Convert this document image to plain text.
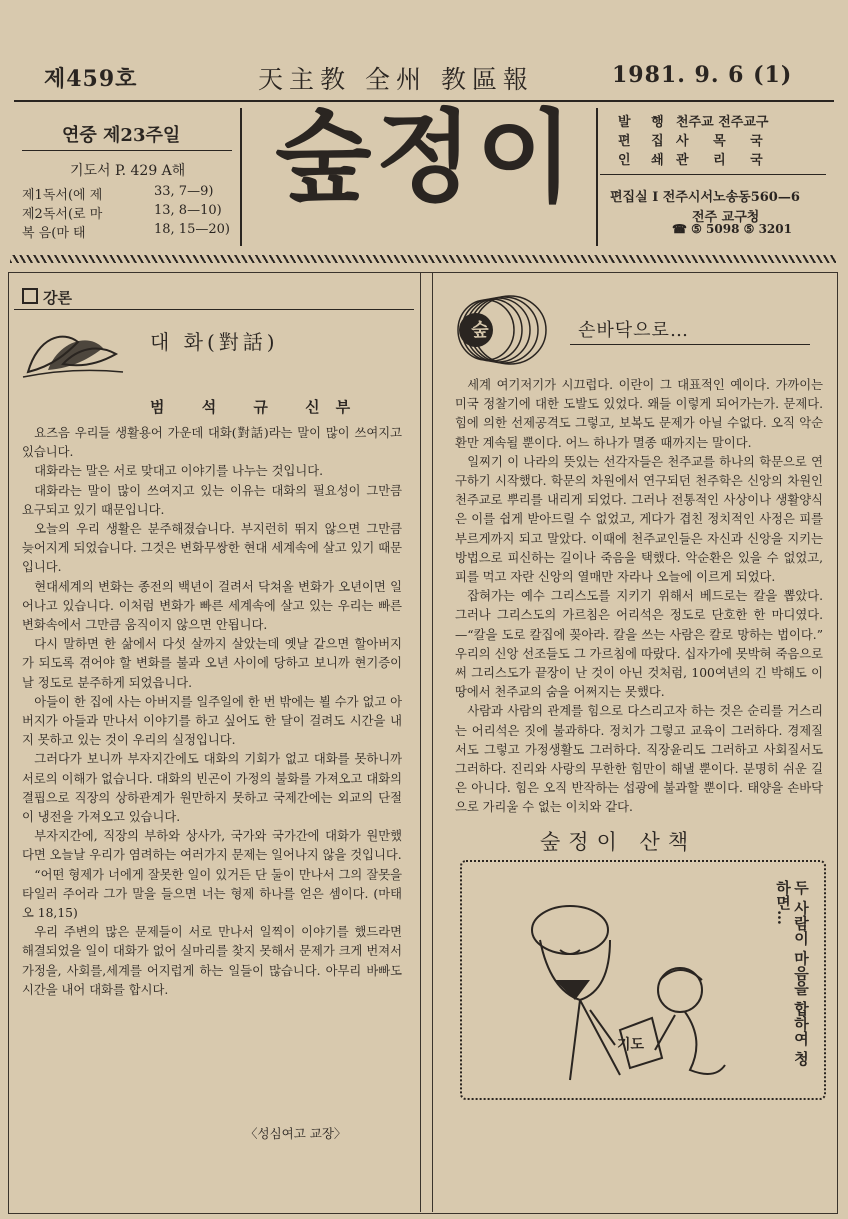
제459호	天主教 全州 教區報	1981. 9. 6 (1)
연중 제23주일
기도서 P. 429 A해
제1독서(에 제	33, 7—9)
제2독서(로 마	13, 8—10)
복 음(마 태	18, 15—20)
숲정이	발 행 천주교 전주교구
편 집 사 목 국
인 쇄 관 리 국
편집실 I 전주시서노송동560—6
전주 교구청
☎ ⑤ 5098 ⑤ 3201
강론
대 화(對話)
범 석 규 신부

요즈음 우리들 생활용어 가운데 대화(對話)라는 말이 많이 쓰여지고 있습니다.

대화라는 말은 서로 맞대고 이야기를 나누는 것입니다.

대화라는 말이 많이 쓰여지고 있는 이유는 대화의 필요성이 그만큼 요구되고 있기 때문입니다.

오늘의 우리 생활은 분주해졌습니다. 부지런히 뛰지 않으면 그만큼 늦어지게 되었습니다. 그것은 변화무쌍한 현대 세계속에 살고 있기 때문입니다.

현대세계의 변화는 종전의 백년이 걸려서 닥쳐올 변화가 오년이면 일어나고 있습니다. 이처럼 변화가 빠른 세계속에 살고 있는 우리는 빠른 변화속에서 그만큼 움직이지 않으면 안됩니다.

다시 말하면 한 삶에서 다섯 살까지 살았는데 옛날 같으면 할아버지가 되도록 겪어야 할 변화를 불과 오년 사이에 당하고 보니까 현기증이 날 정도로 분주하게 되었읍니다.

아들이 한 집에 사는 아버지를 일주일에 한 번 밖에는 뵐 수가 없고 아버지가 아들과 만나서 이야기를 하고 싶어도 한 달이 걸려도 시간을 내지 못하고 있는 것이 우리의 실정입니다.

그러다가 보니까 부자지간에도 대화의 기회가 없고 대화를 못하니까 서로의 이해가 없습니다. 대화의 빈곤이 가정의 불화를 가져오고 대화의 결핍으로 직장의 상하관계가 원만하지 못하고 국제간에는 외교의 단절이 냉전을 가져오고 있습니다.

부자지간에, 직장의 부하와 상사가, 국가와 국가간에 대화가 원만했다면 오늘날 우리가 염려하는 여러가지 문제는 일어나지 않을 것입니다.

“어떤 형제가 너에게 잘못한 일이 있거든 단 둘이 만나서 그의 잘못을 타일러 주어라 그가 말을 들으면 너는 형제 하나를 얻은 셈이다. (마태오 18,15)

우리 주변의 많은 문제들이 서로 만나서 일찍이 이야기를 했드라면 해결되었을 일이 대화가 없어 실마리를 찾지 못해서 문제가 크게 번져서 가정을, 사회를,세계를 어지럽게 하는 일들이 많습니다. 아무리 바빠도 시간을 내어 대화를 합시다.

〈성심여고 교장〉
숲	손바닥으로…

세계 여기저기가 시끄럽다. 이란이 그 대표적인 예이다. 가까이는 미국 정찰기에 대한 도발도 있었다. 왜들 이렇게 되어가는가. 문제다. 힘에 의한 선제공격도 그렇고, 보복도 문제가 아닐 수없다. 오직 악순환만 계속될 뿐이다. 어느 하나가 멸종 때까지는 말이다.

일찌기 이 나라의 뜻있는 선각자들은 천주교를 하나의 학문으로 연구하기 시작했다. 학문의 차원에서 연구되던 천주학은 신앙의 차원인 천주교로 뿌리를 내리게 되었다. 그러나 전통적인 사상이나 생활양식은 이를 쉽게 받아드릴 수 없었고, 게다가 겹친 정치적인 사정은 피를 부르게까지 되고 말았다. 이때에 천주교인들은 자신과 신앙을 지키는 방법으로 피신하는 길이나 죽음을 택했다. 악순환은 있을 수 없었고, 피를 먹고 자란 신앙의 열매만 자라나 오늘에 이르게 되었다.

잡혀가는 예수 그리스도를 지키기 위해서 베드로는 칼을 뽑았다. 그러나 그리스도의 가르침은 어리석은 정도로 단호한 한 마디였다. —“칼을 도로 칼집에 꽂아라. 칼을 쓰는 사람은 칼로 망하는 법이다.” 우리의 신앙 선조들도 그 가르침에 따랐다. 십자가에 못박혀 죽음으로써 그리스도가 끝장이 난 것이 아닌 것처럼, 100여년의 긴 박해도 이땅에서 천주교의 숨을 어쩌지는 못했다.

사람과 사람의 관계를 힘으로 다스리고자 하는 것은 순리를 거스리는 어리석은 짓에 불과하다. 정치가 그렇고 교육이 그러하다. 경제질서도 그렇고 가정생활도 그러하다. 직장윤리도 그러하고 사회질서도 그러하다. 진리와 사랑의 무한한 힘만이 해낼 뿐이다. 분명히 쉬운 길은 아니다. 힘은 오직 반작하는 섭광에 불과할 뿐이다. 태양을 손바닥으로 가리울 수 없는 이치와 같다.

숲정이 산책
기도	두 사람이 마음을 합하여 청하면…
